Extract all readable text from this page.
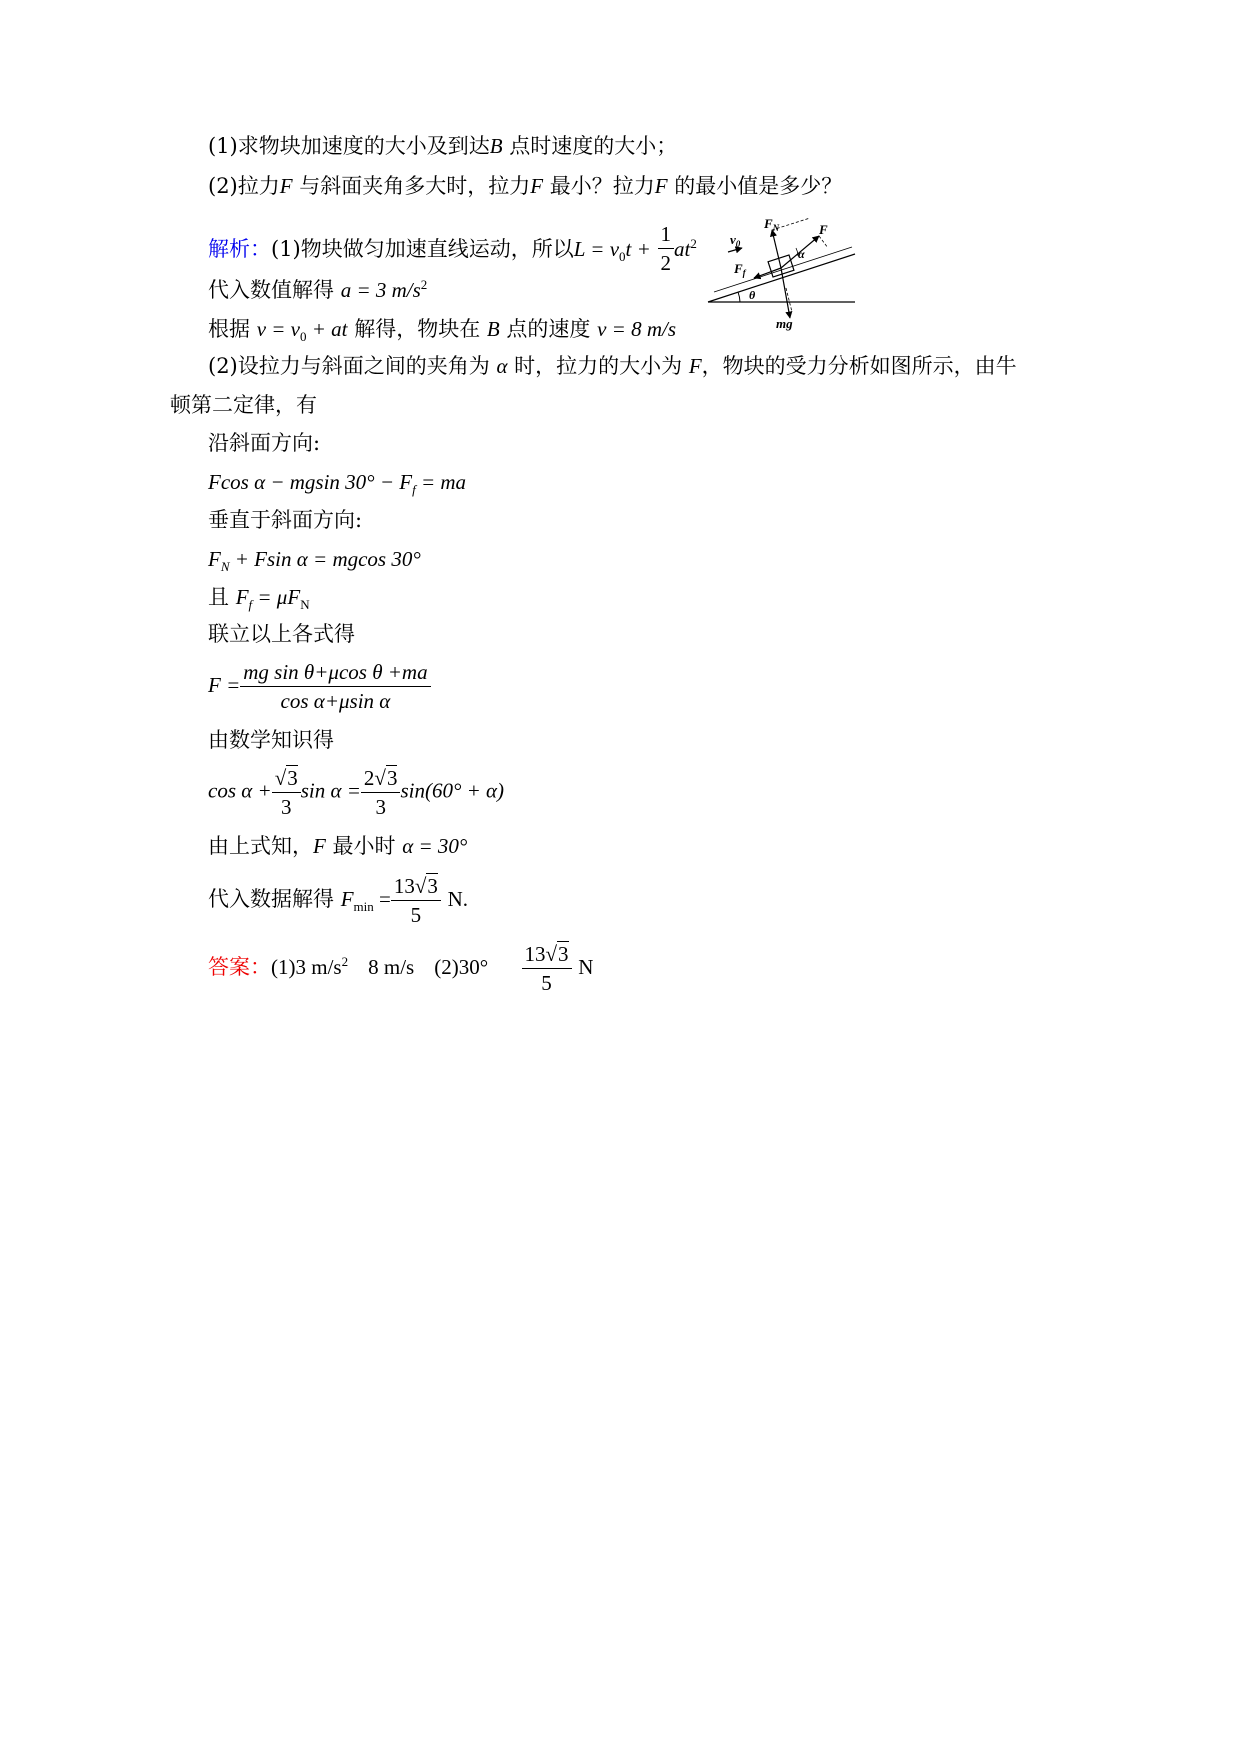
(1)求物块加速度的大小及到达B 点时速度的大小；
(2)拉力F 与斜面夹角多大时，拉力F 最小？拉力F 的最小值是多少？
解析：(1)物块做匀加速直线运动，所以$L = v_0t + \frac{1}{2} at^2$
代入数值解得 a = 3 $m/s^2$
根据 $v = v_0$ + at 解得，物块在 B 点的速度 v = 8 m/s
$v_0$
$F_N$	F
α
$F_f$
θ
mg
(2)设拉力与斜面之间的夹角为 α 时，拉力的大小为 F，物块的受力分析如图所示，由牛
顿第二定律，有
沿斜面方向:
Fcos α − mgsin $30^\circ - F_f$ = ma
垂直于斜面方向:
$F_N + Fsin$ α = mgcos 30°
且 $F_f = \mu F_N$
联立以上各式得
$F = \frac{\text{mg sin θ+μcos θ +ma}}{\text{cos α+μsin α}}$
由数学知识得
$\cos \alpha + \frac{√3}{3}$ $\sin \alpha = \frac{2√3}{3} \sin(60^\circ + \alpha)$
由上式知，F 最小时 α = 30°
代入数据解得 $F_{min} = \frac{13√3}{5} N$.
答案：(1)3 $m/s^2$ 8 m/s $(2)30^\circ \frac{13√3}{5}$ N
